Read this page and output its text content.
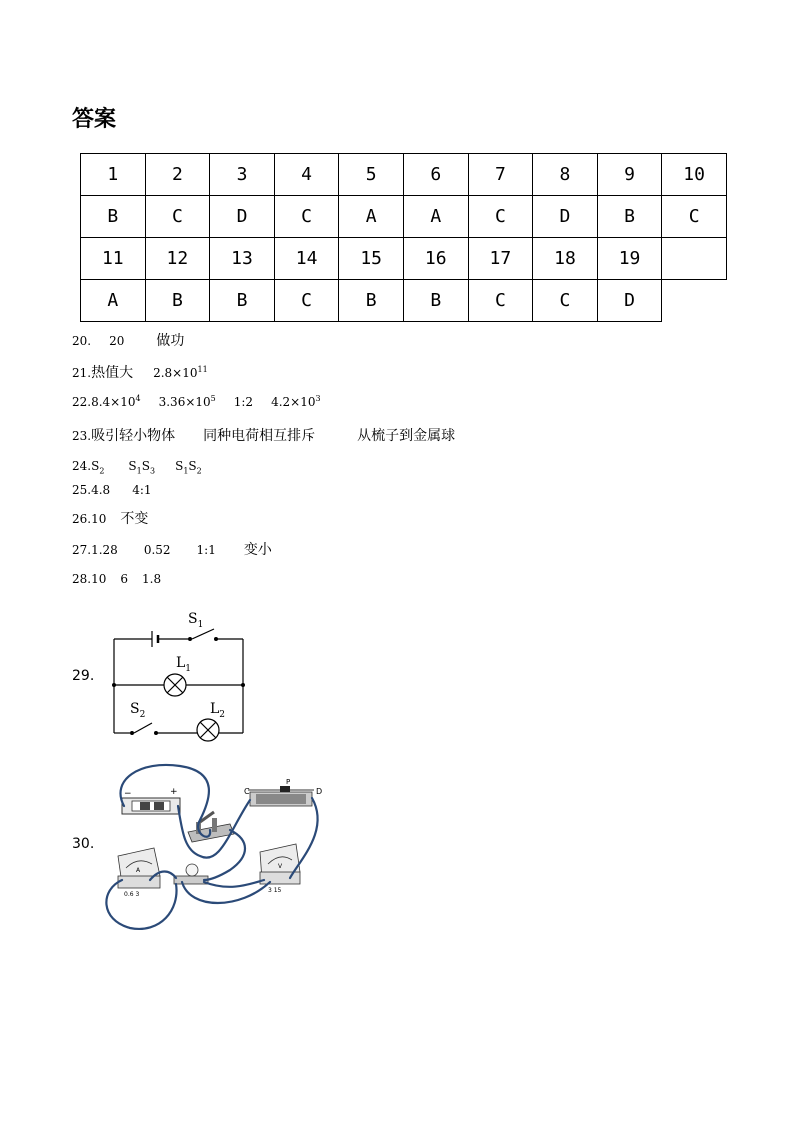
答案
1	2	3	4	5	6	7	8	9	10
B	C	D	C	A	A	C	D	B	C
11	12	13	14	15	16	17	18	19	
A	B	B	C	B	B	C	C	D	
20. 20 做功
21.热值大 $2.8\times 10^{11}$
$22.8.4\times 10^4$ $3.36\times 10^5$ 1:2 $4.2\times 10^3$
23.吸引轻小物体 同种电荷相互排斥	从梳子到金属球
$24.S_2$ $S_1S_3$ $S_1S_2$
25.4.8 4:1
26.10 不变
27.1.28 0.52 1:1 变小
28.10 6 1.8
29.
$S_1$
$L_1$
$S_2$	$L_2$
30.
−	+	C
P
D
A
0.6 3
V
3 15
